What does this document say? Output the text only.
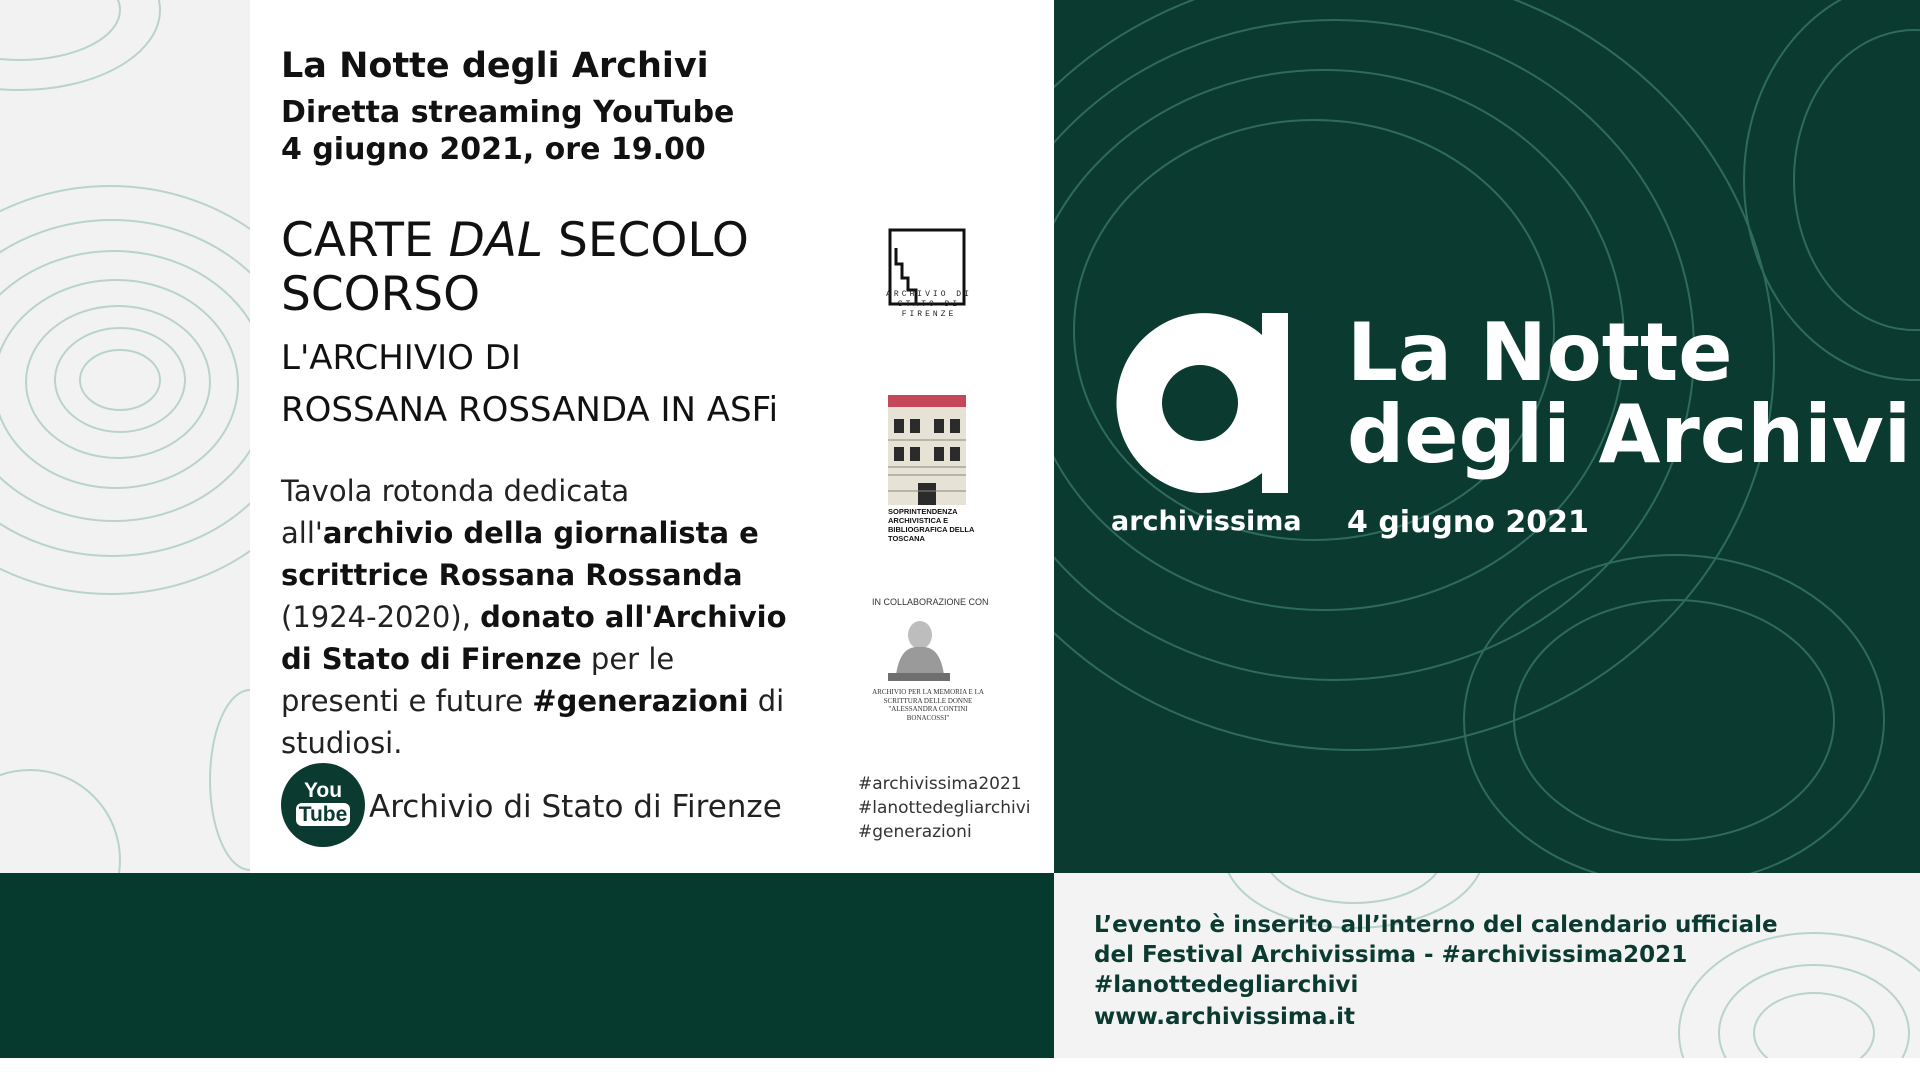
La Notte degli Archivi
Diretta streaming YouTube
4 giugno 2021, ore 19.00
CARTE DAL SECOLO SCORSO
L'ARCHIVIO DI
ROSSANA ROSSANDA IN ASFi
Tavola rotonda dedicata all'archivio della giornalista e scrittrice Rossana Rossanda (1924-2020), donato all'Archivio di Stato di Firenze per le presenti e future #generazioni di studiosi.
You
Tube Archivio di Stato di Firenze
ARCHIVIO DI STATO DI FIRENZE
SOPRINTENDENZA ARCHIVISTICA E BIBLIOGRAFICA DELLA TOSCANA
IN COLLABORAZIONE CON
ARCHIVIO PER LA MEMORIA E LA SCRITTURA DELLE DONNE "ALESSANDRA CONTINI BONACOSSI"
#archivissima2021
#lanottedegliarchivi
#generazioni
archivissima
La Notte
degli Archivi
4 giugno 2021
L’evento è inserito all’interno del calendario ufficiale
del Festival Archivissima - #archivissima2021 #lanottedegliarchivi
www.archivissima.it
